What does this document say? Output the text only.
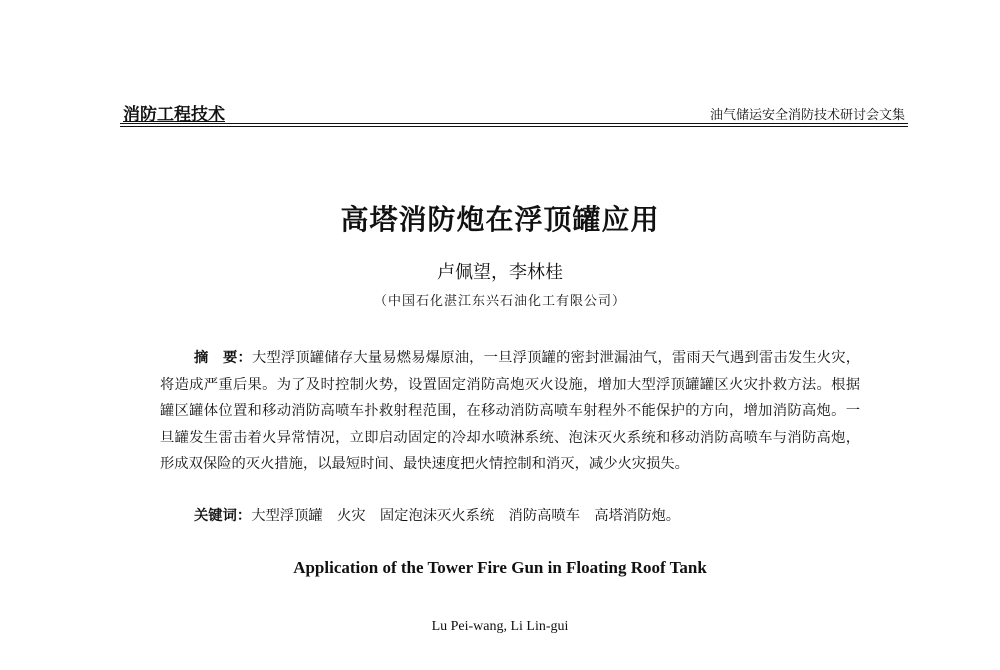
消防工程技术	油气储运安全消防技术研讨会文集
高塔消防炮在浮顶罐应用
卢佩望，李林桂
（中国石化湛江东兴石油化工有限公司）
摘　要：大型浮顶罐储存大量易燃易爆原油，一旦浮顶罐的密封泄漏油气，雷雨天气遇到雷击发生火灾，将造成严重后果。为了及时控制火势，设置固定消防高炮灭火设施，增加大型浮顶罐罐区火灾扑救方法。根据罐区罐体位置和移动消防高喷车扑救射程范围，在移动消防高喷车射程外不能保护的方向，增加消防高炮。一旦罐发生雷击着火异常情况，立即启动固定的冷却水喷淋系统、泡沫灭火系统和移动消防高喷车与消防高炮，形成双保险的灭火措施，以最短时间、最快速度把火情控制和消灭，减少火灾损失。
关键词：大型浮顶罐　火灾　固定泡沫灭火系统　消防高喷车　高塔消防炮。
Application of the Tower Fire Gun in Floating Roof Tank
Lu Pei-wang, Li Lin-gui
